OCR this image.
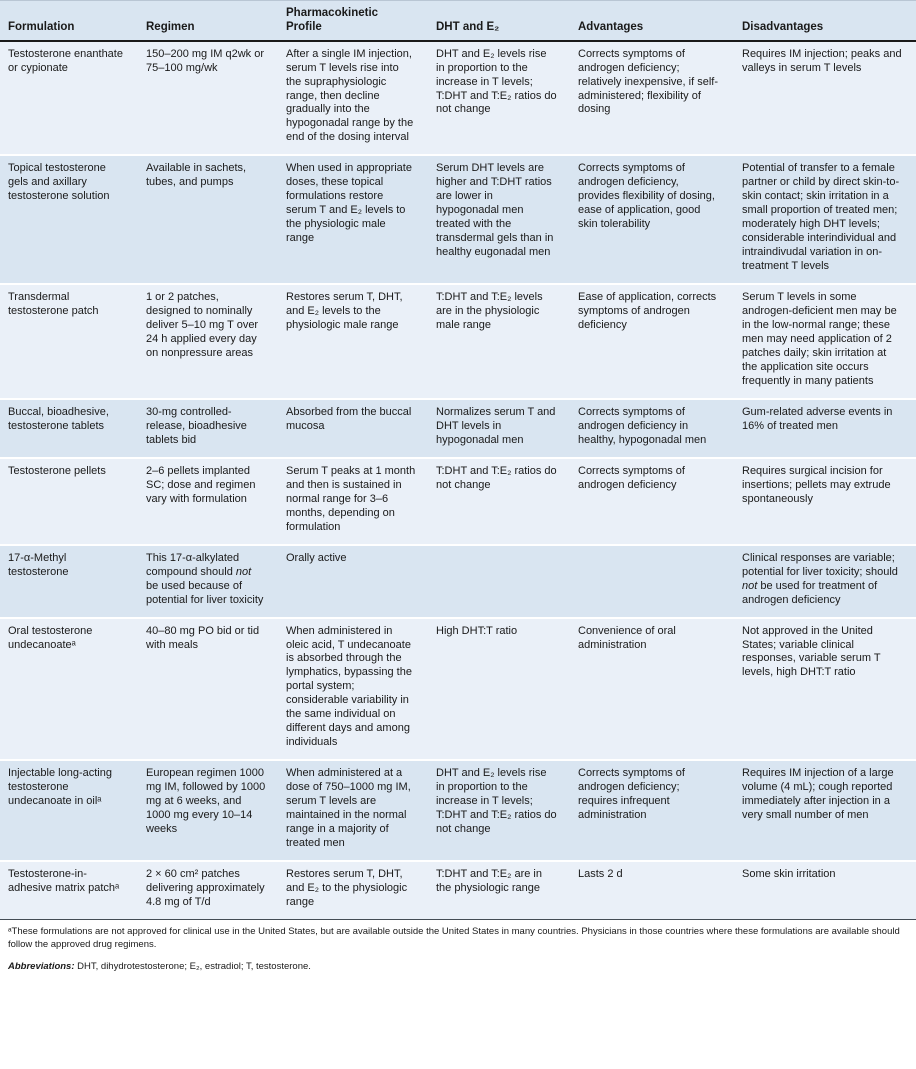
Formulation	Regimen	Pharmacokinetic Profile	DHT and E₂	Advantages	Disadvantages
Testosterone enanthate or cypionate	150–200 mg IM q2wk or 75–100 mg/wk	After a single IM injection, serum T levels rise into the supraphysiologic range, then decline gradually into the hypogonadal range by the end of the dosing interval	DHT and E₂ levels rise in proportion to the increase in T levels; T:DHT and T:E₂ ratios do not change	Corrects symptoms of androgen deficiency; relatively inexpensive, if self-administered; flexibility of dosing	Requires IM injection; peaks and valleys in serum T levels
Topical testosterone gels and axillary testosterone solution	Available in sachets, tubes, and pumps	When used in appropriate doses, these topical formulations restore serum T and E₂ levels to the physiologic male range	Serum DHT levels are higher and T:DHT ratios are lower in hypogonadal men treated with the transdermal gels than in healthy eugonadal men	Corrects symptoms of androgen deficiency, provides flexibility of dosing, ease of application, good skin tolerability	Potential of transfer to a female partner or child by direct skin-to-skin contact; skin irritation in a small proportion of treated men; moderately high DHT levels; considerable interindividual and intraindivudal variation in on-treatment T levels
Transdermal testosterone patch	1 or 2 patches, designed to nominally deliver 5–10 mg T over 24 h applied every day on nonpressure areas	Restores serum T, DHT, and E₂ levels to the physiologic male range	T:DHT and T:E₂ levels are in the physiologic male range	Ease of application, corrects symptoms of androgen deficiency	Serum T levels in some androgen-deficient men may be in the low-normal range; these men may need application of 2 patches daily; skin irritation at the application site occurs frequently in many patients
Buccal, bioadhesive, testosterone tablets	30-mg controlled-release, bioadhesive tablets bid	Absorbed from the buccal mucosa	Normalizes serum T and DHT levels in hypogonadal men	Corrects symptoms of androgen deficiency in healthy, hypogonadal men	Gum-related adverse events in 16% of treated men
Testosterone pellets	2–6 pellets implanted SC; dose and regimen vary with formulation	Serum T peaks at 1 month and then is sustained in normal range for 3–6 months, depending on formulation	T:DHT and T:E₂ ratios do not change	Corrects symptoms of androgen deficiency	Requires surgical incision for insertions; pellets may extrude spontaneously
17-α-Methyl testosterone	This 17-α-alkylated compound should not be used because of potential for liver toxicity	Orally active			Clinical responses are variable; potential for liver toxicity; should not be used for treatment of androgen deficiency
Oral testosterone undecanoateᵃ	40–80 mg PO bid or tid with meals	When administered in oleic acid, T undecanoate is absorbed through the lymphatics, bypassing the portal system; considerable variability in the same individual on different days and among individuals	High DHT:T ratio	Convenience of oral administration	Not approved in the United States; variable clinical responses, variable serum T levels, high DHT:T ratio
Injectable long-acting testosterone undecanoate in oilᵃ	European regimen 1000 mg IM, followed by 1000 mg at 6 weeks, and 1000 mg every 10–14 weeks	When administered at a dose of 750–1000 mg IM, serum T levels are maintained in the normal range in a majority of treated men	DHT and E₂ levels rise in proportion to the increase in T levels; T:DHT and T:E₂ ratios do not change	Corrects symptoms of androgen deficiency; requires infrequent administration	Requires IM injection of a large volume (4 mL); cough reported immediately after injection in a very small number of men
Testosterone-in-adhesive matrix patchᵃ	2 × 60 cm² patches delivering approximately 4.8 mg of T/d	Restores serum T, DHT, and E₂ to the physiologic range	T:DHT and T:E₂ are in the physiologic range	Lasts 2 d	Some skin irritation

ᵃThese formulations are not approved for clinical use in the United States, but are available outside the United States in many countries. Physicians in those countries where these formulations are available should follow the approved drug regimens.

Abbreviations: DHT, dihydrotestosterone; E₂, estradiol; T, testosterone.
